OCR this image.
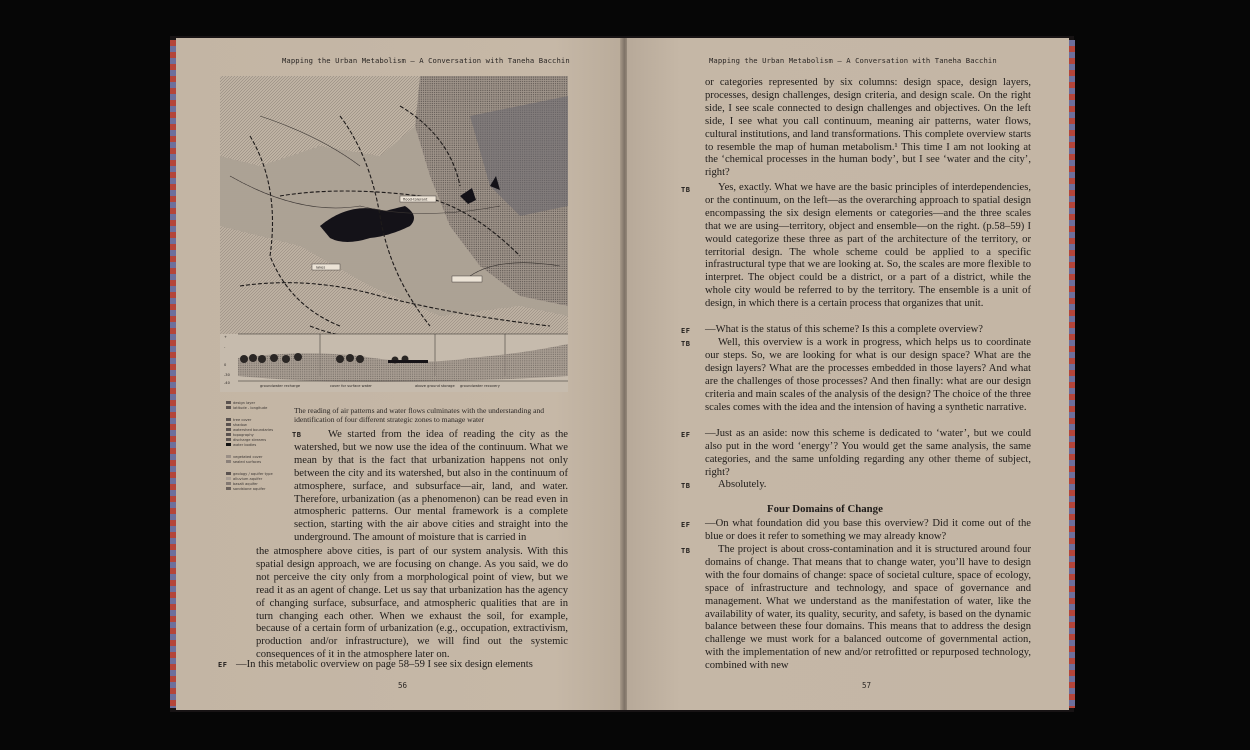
Mapping the Urban Metabolism – A Conversation with Taneha Bacchin
groundwater recharge	cover for surface water	above ground storage groundwater recovery
flood-tolerant
lakes
+
-
0
-30
-40
design layer
latitude - longitude
tree cover
shadow
watershed boundaries
topography
discharge streams
water bodies
vegetated cover
sealed surfaces
geology / aquifer type
alluvium aquifer
basalt aquifer
sandstone aquifer
The reading of air patterns and water flows culminates with the understanding and identification of four different strategic zones to manage water
TB	We started from the idea of reading the city as the watershed, but we now use the idea of the continuum. What we mean by that is the fact that urbanization happens not only between the city and its watershed, but also in the continuum of atmosphere, surface, and subsurface—air, land, and water. Therefore, urbanization (as a phenomenon) can be read even in atmospheric patterns. Our mental framework is a complete section, starting with the air above cities and straight into the underground. The amount of moisture that is carried in
the atmosphere above cities, is part of our system analysis. With this spatial design approach, we are focusing on change. As you said, we do not perceive the city only from a morphological point of view, but we read it as an agent of change. Let us say that urbanization has the agency of changing surface, subsurface, and atmospheric qualities that are in turn changing each other. When we exhaust the soil, for example, because of a certain form of urbanization (e.g., occupation, extractivism, production and/or infrastructure), we will find out the systemic consequences of it in the atmosphere later on.
EF —In this metabolic overview on page 58–59 I see six design elements
56
Mapping the Urban Metabolism – A Conversation with Taneha Bacchin
or categories represented by six columns: design space, design layers, processes, design challenges, design criteria, and design scale. On the right side, I see scale connected to design challenges and objectives. On the left side, I see what you call continuum, meaning air patterns, water flows, cultural institutions, and land transformations. This complete overview starts to resemble the map of human metabolism.¹ This time I am not looking at the ‘chemical processes in the human body’, but I see ‘water and the city’, right?
TB	Yes, exactly. What we have are the basic principles of interdependencies, or the continuum, on the left—as the overarching approach to spatial design encompassing the six design elements or categories—and the three scales that we are using—territory, object and ensemble—on the right. (p.58–59) I would categorize these three as part of the architecture of the territory, or territorial design. The whole scheme could be applied to a specific infrastructural type that we are looking at. So, the scales are more flexible to interpret. The object could be a district, or a part of a district, while the whole city would be referred to by the territory. The ensemble is a unit of design, in which there is a certain process that organizes that unit.
EF —What is the status of this scheme? Is this a complete overview?
TB	Well, this overview is a work in progress, which helps us to coordinate our steps. So, we are looking for what is our design space? What are the design layers? What are the processes embedded in those layers? And what are the challenges of those processes? And then finally: what are our design criteria and main scales of the analysis of the design? The choice of the three scales comes with the idea and the intension of having a synthetic narrative.
EF —Just as an aside: now this scheme is dedicated to ‘water’, but we could also put in the word ‘energy’? You would get the same analysis, the same categories, and the same unfolding regarding any other theme of subject, right?
TB	Absolutely.
Four Domains of Change
EF —On what foundation did you base this overview? Did it come out of the blue or does it refer to something we may already know?
TB	The project is about cross-contamination and it is structured around four domains of change. That means that to change water, you’ll have to design with the four domains of change: space of societal culture, space of ecology, space of infrastructure and technology, and space of governance and management. What we understand as the manifestation of water, like the availability of water, its quality, security, and safety, is based on the dynamic balance between these four domains. This means that to address the design challenge we must work for a balanced outcome of governmental action, with the implementation of new and/or retrofitted or repurposed technology, combined with new
57
